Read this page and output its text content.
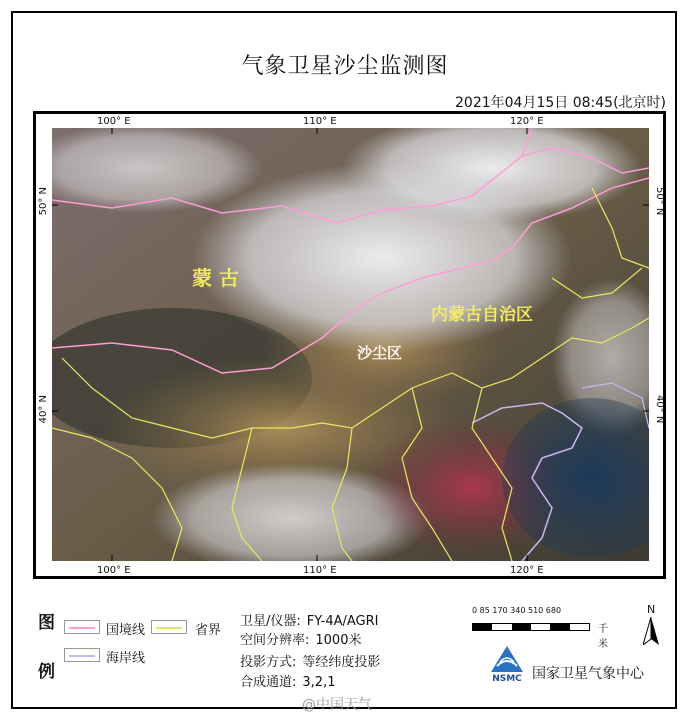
气象卫星沙尘监测图
2021年04月15日 08:45(北京时)
100° E	110° E	120° E
100° E	110° E	120° E
50° N
40° N
50° N
40° N
蒙 古
内蒙古自治区
沙尘区
图
例
国境线	省界
海岸线
卫星/仪器: FY-4A/AGRI
空间分辨率: 1000米
投影方式: 等经纬度投影
合成通道: 3,2,1
0 85 170 340 510 680
千米
N
NSMC 国家卫星气象中心
@中国天气
